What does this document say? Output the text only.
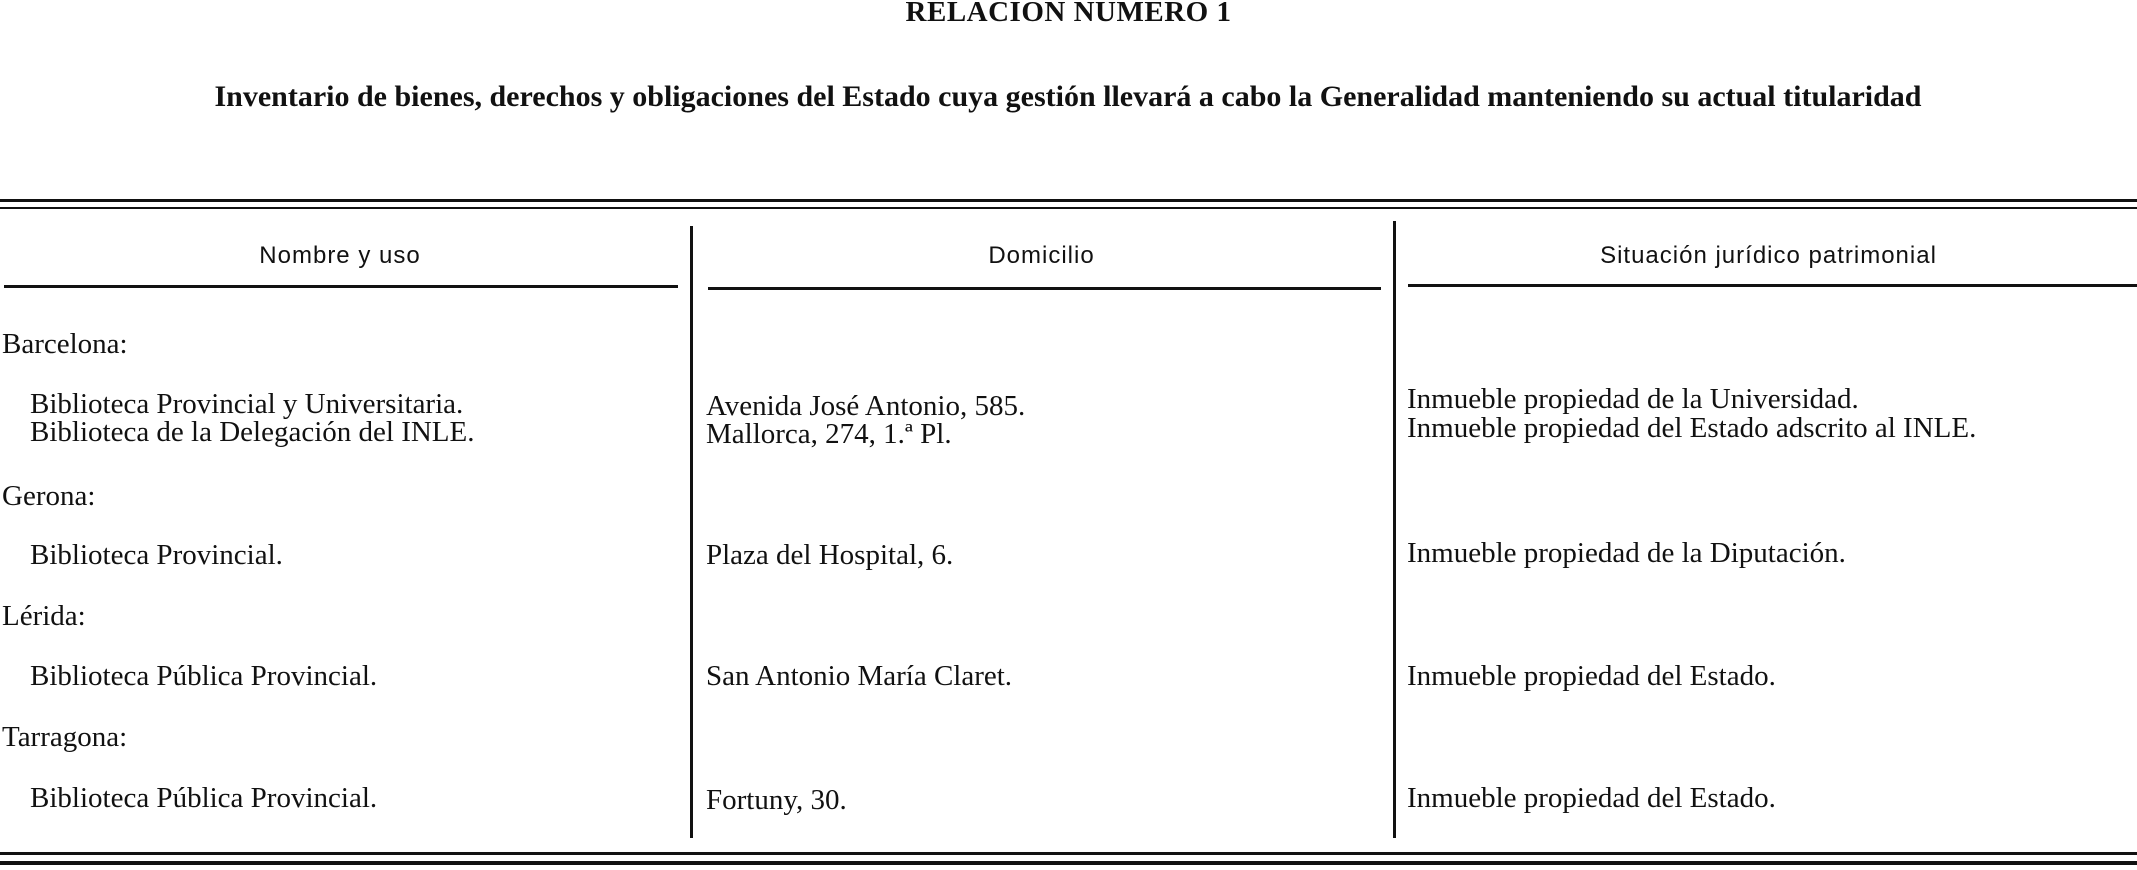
RELACION NUMERO 1
Inventario de bienes, derechos y obligaciones del Estado cuya gestión llevará a cabo la Generalidad manteniendo su actual titularidad
Nombre y uso	Domicilio	Situación jurídico patrimonial
Barcelona:
Biblioteca Provincial y Universitaria.	Avenida José Antonio, 585.	Inmueble propiedad de la Universidad.
Biblioteca de la Delegación del INLE.	Mallorca, 274, 1.ª Pl.	Inmueble propiedad del Estado adscrito al INLE.
Gerona:
Biblioteca Provincial.	Plaza del Hospital, 6.	Inmueble propiedad de la Diputación.
Lérida:
Biblioteca Pública Provincial.	San Antonio María Claret.	Inmueble propiedad del Estado.
Tarragona:
Biblioteca Pública Provincial.	Fortuny, 30.	Inmueble propiedad del Estado.
